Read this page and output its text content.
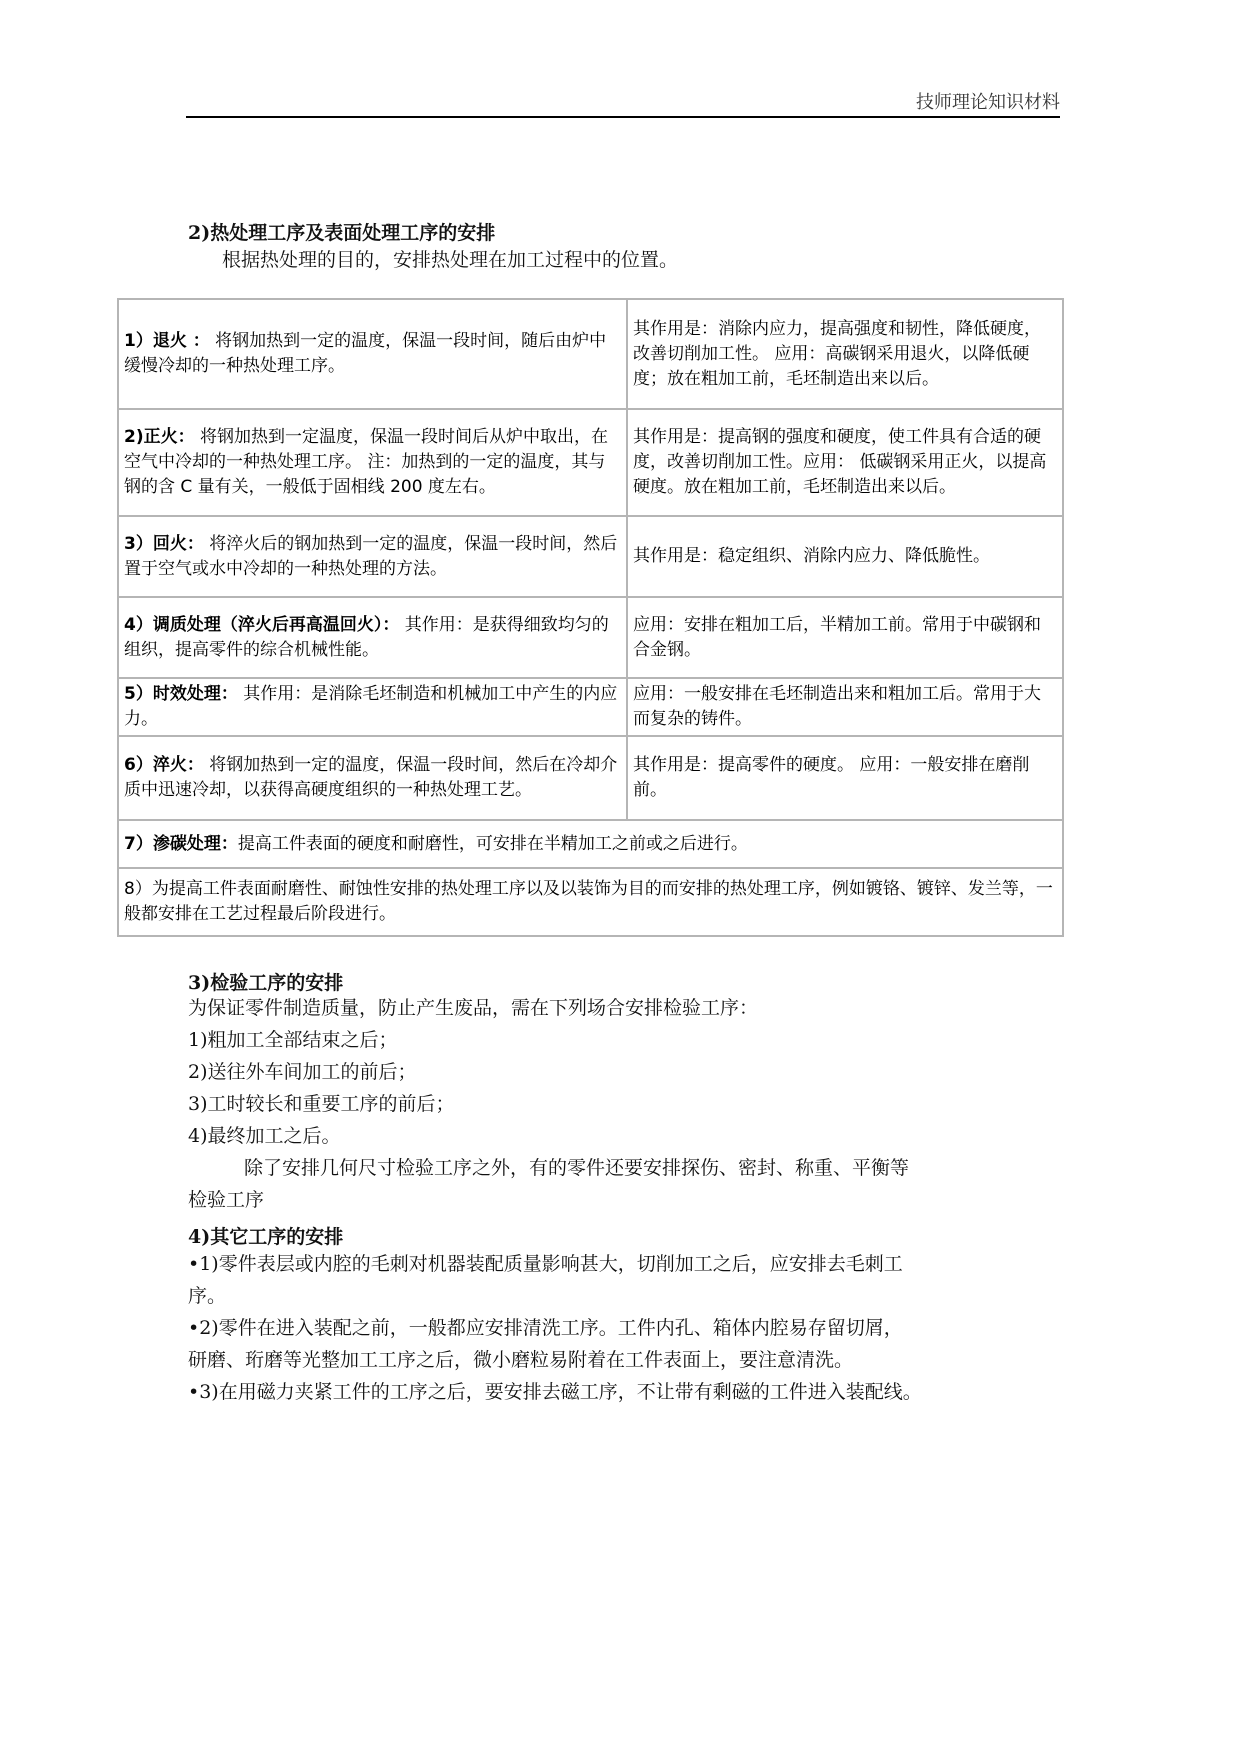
技师理论知识材料
2)热处理工序及表面处理工序的安排
根据热处理的目的，安排热处理在加工过程中的位置。
1）退火 ： 将钢加热到一定的温度，保温一段时间，随后由炉中缓慢冷却的一种热处理工序。	其作用是：消除内应力，提高强度和韧性，降低硬度，改善切削加工性。 应用：高碳钢采用退火，以降低硬度；放在粗加工前，毛坯制造出来以后。
2)正火： 将钢加热到一定温度，保温一段时间后从炉中取出，在空气中冷却的一种热处理工序。 注：加热到的一定的温度，其与钢的含 C 量有关，一般低于固相线 200 度左右。	其作用是：提高钢的强度和硬度，使工件具有合适的硬度，改善切削加工性。应用： 低碳钢采用正火，以提高硬度。放在粗加工前，毛坯制造出来以后。
3）回火： 将淬火后的钢加热到一定的温度，保温一段时间，然后置于空气或水中冷却的一种热处理的方法。	其作用是：稳定组织、消除内应力、降低脆性。
4）调质处理（淬火后再高温回火）： 其作用：是获得细致均匀的组织，提高零件的综合机械性能。	应用：安排在粗加工后，半精加工前。常用于中碳钢和合金钢。
5）时效处理： 其作用：是消除毛坯制造和机械加工中产生的内应力。	应用：一般安排在毛坯制造出来和粗加工后。常用于大而复杂的铸件。
6）淬火： 将钢加热到一定的温度，保温一段时间，然后在冷却介质中迅速冷却，以获得高硬度组织的一种热处理工艺。	其作用是：提高零件的硬度。 应用：一般安排在磨削前。
7）渗碳处理：提高工件表面的硬度和耐磨性，可安排在半精加工之前或之后进行。	
8）为提高工件表面耐磨性、耐蚀性安排的热处理工序以及以装饰为目的而安排的热处理工序，例如镀铬、镀锌、发兰等，一般都安排在工艺过程最后阶段进行。	
3)检验工序的安排
为保证零件制造质量，防止产生废品，需在下列场合安排检验工序：
1)粗加工全部结束之后；
2)送往外车间加工的前后；
3)工时较长和重要工序的前后；
4)最终加工之后。
除了安排几何尺寸检验工序之外，有的零件还要安排探伤、密封、称重、平衡等
检验工序
4)其它工序的安排
•1)零件表层或内腔的毛刺对机器装配质量影响甚大，切削加工之后，应安排去毛刺工
序。
•2)零件在进入装配之前，一般都应安排清洗工序。工件内孔、箱体内腔易存留切屑，
研磨、珩磨等光整加工工序之后，微小磨粒易附着在工件表面上，要注意清洗。
•3)在用磁力夹紧工件的工序之后，要安排去磁工序，不让带有剩磁的工件进入装配线。
